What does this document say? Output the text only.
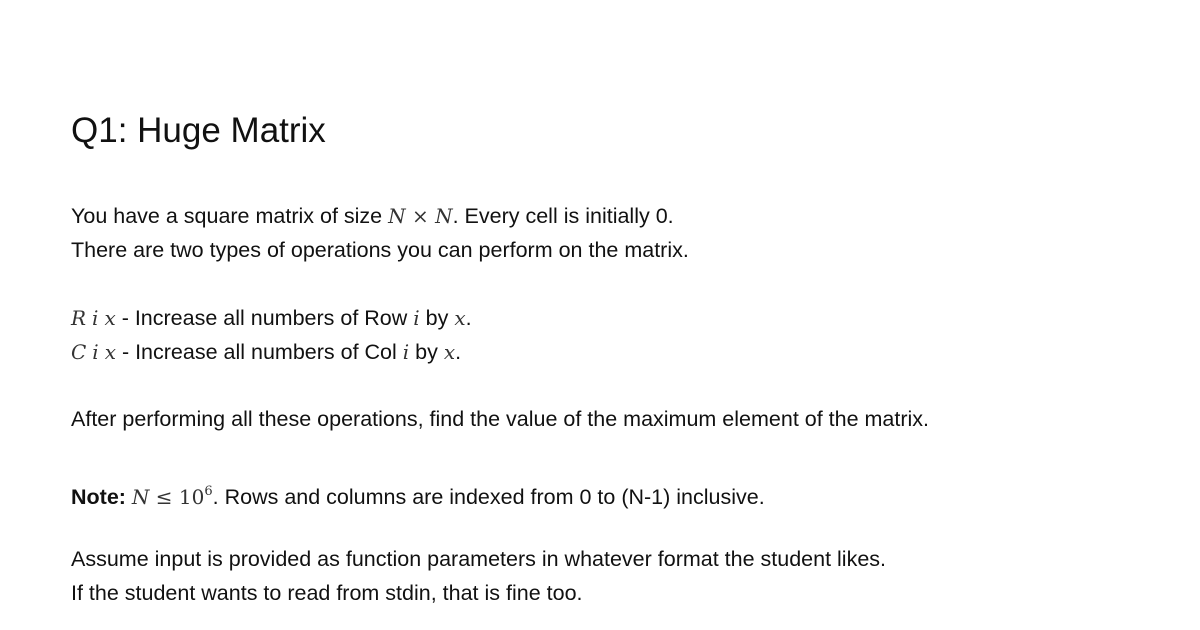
Q1: Huge Matrix
You have a square matrix of size N × N. Every cell is initially 0.
There are two types of operations you can perform on the matrix.
R i x - Increase all numbers of Row i by x.
C i x - Increase all numbers of Col i by x.
After performing all these operations, find the value of the maximum element of the matrix.
Note: $N \le 10^6$. Rows and columns are indexed from 0 to (N-1) inclusive.
Assume input is provided as function parameters in whatever format the student likes.
If the student wants to read from stdin, that is fine too.
